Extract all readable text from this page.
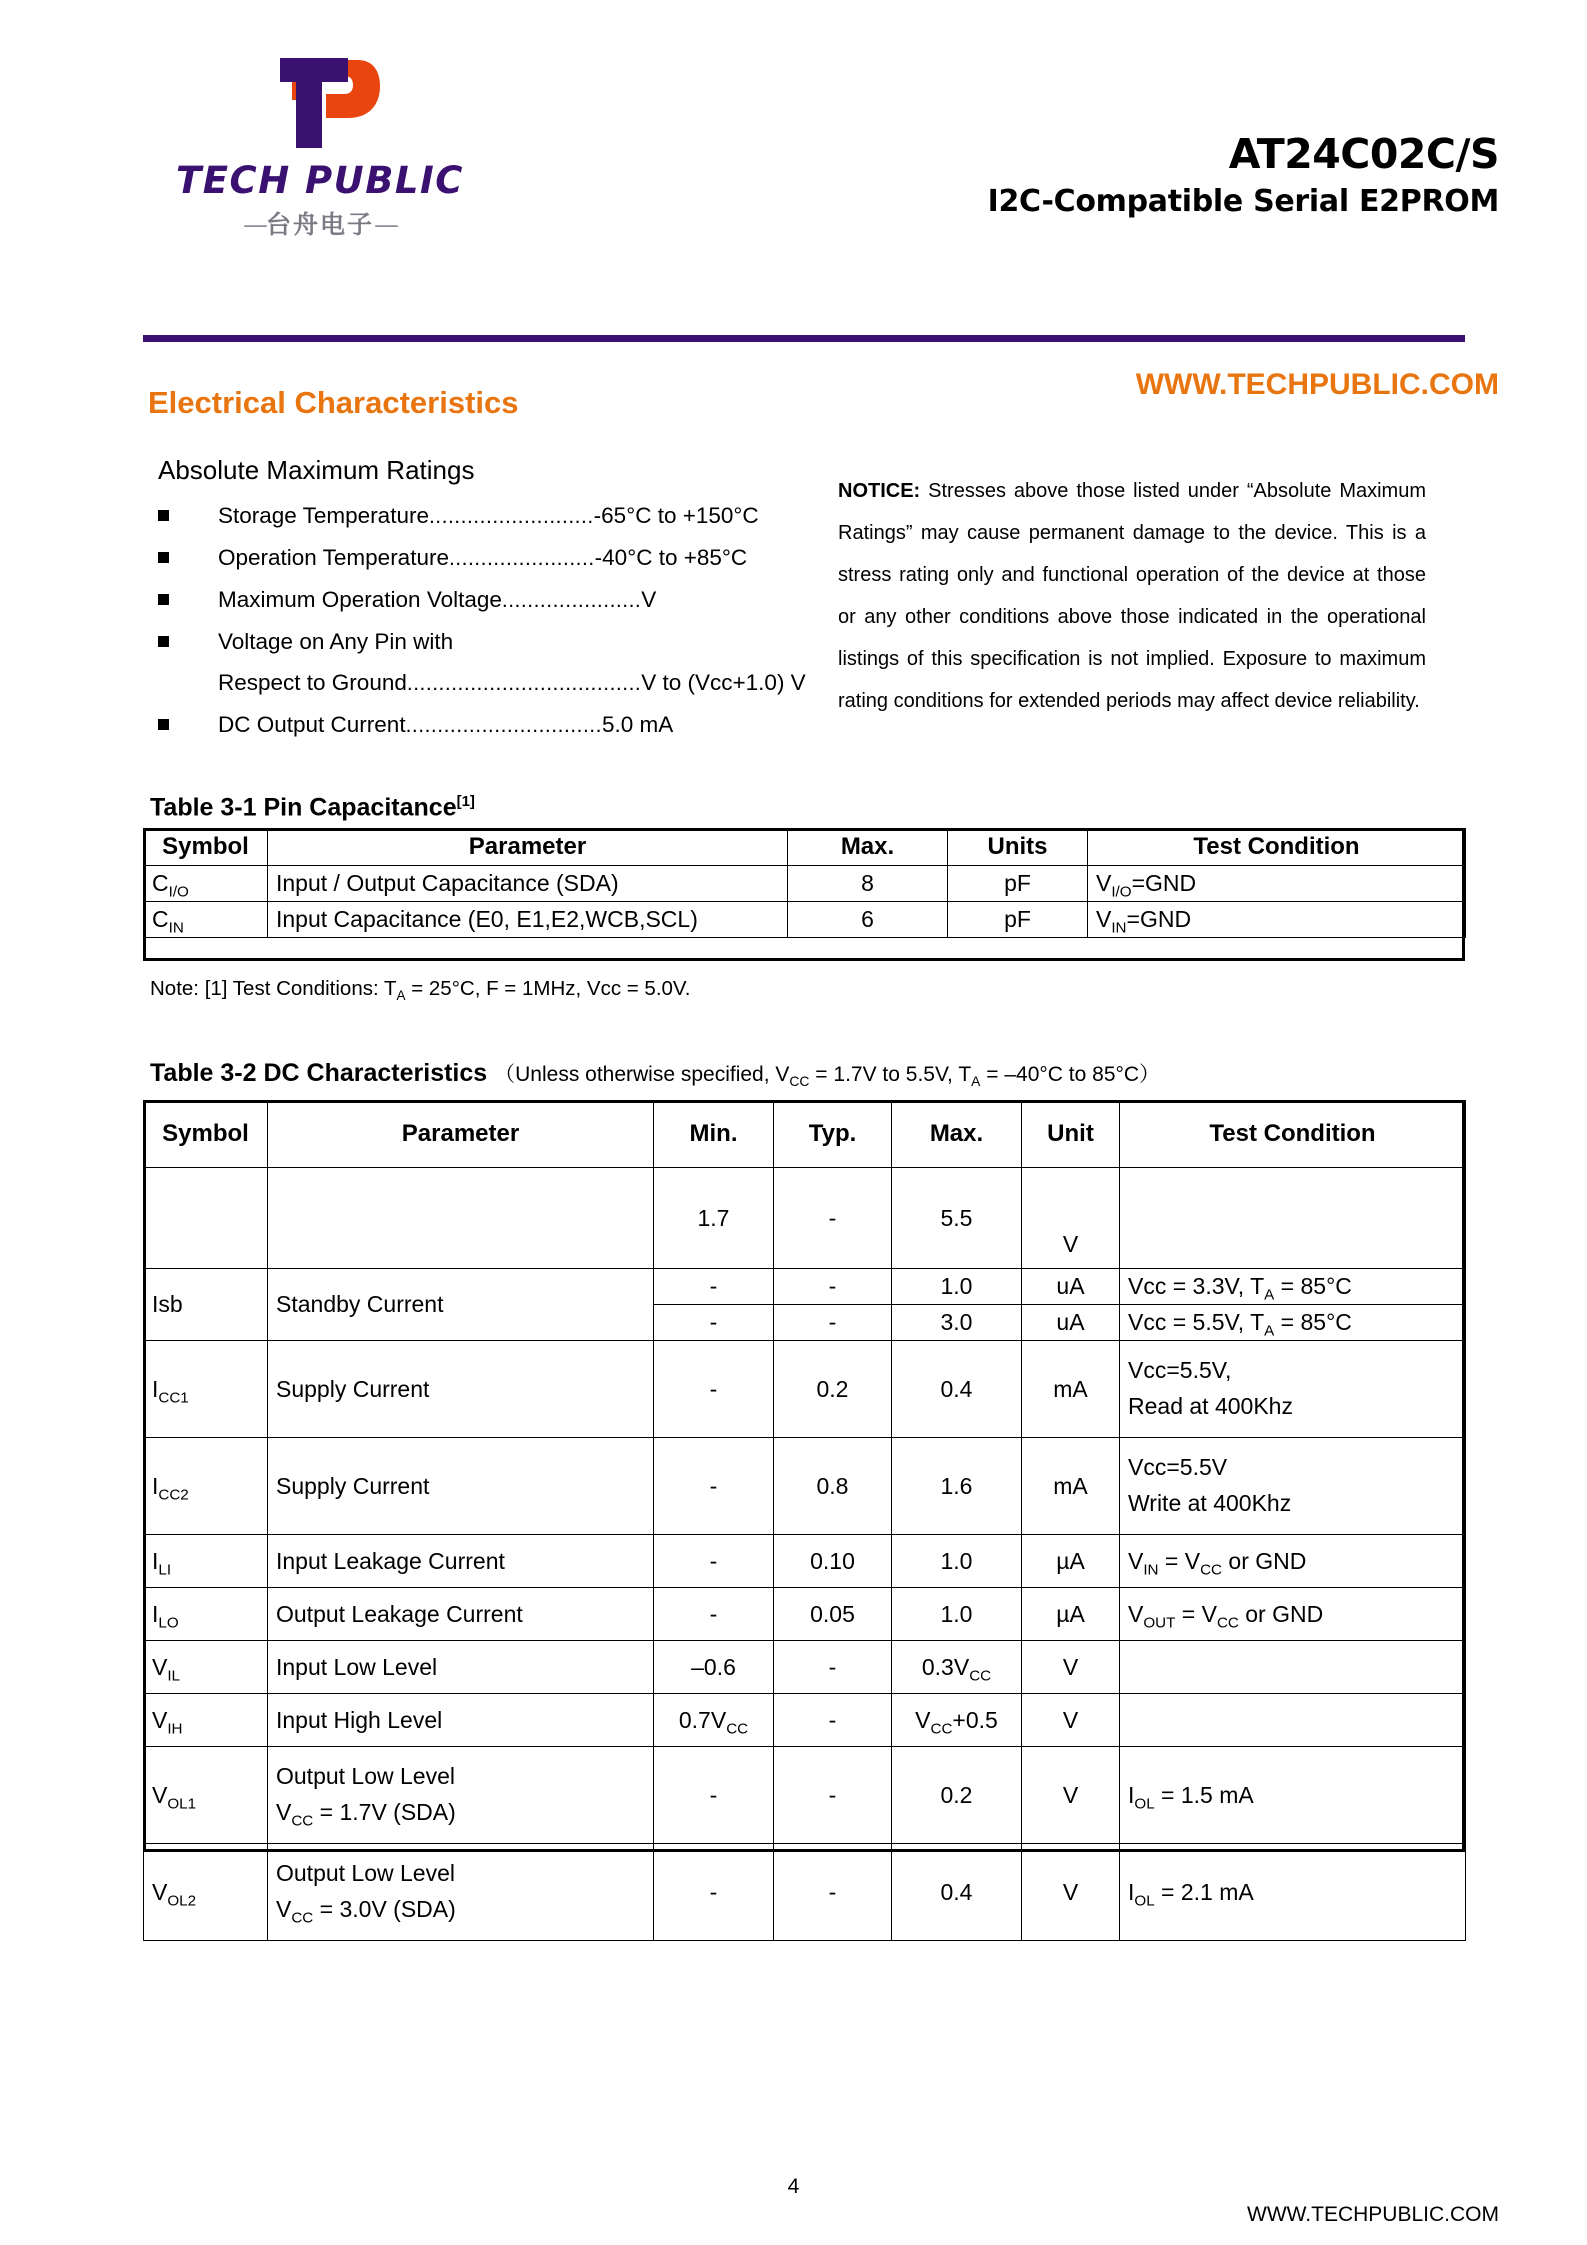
TECH PUBLIC
—台舟电子—
AT24C02C/S
I2C-Compatible Serial E2PROM
Electrical Characteristics
WWW.TECHPUBLIC.COM
Absolute Maximum Ratings
Storage Temperature..........................-65°C to +150°C
Operation Temperature.......................-40°C to +85°C
Maximum Operation Voltage......................V
Voltage on Any Pin with
Respect to Ground.....................................V to (Vcc+1.0) V
DC Output Current...............................5.0 mA
NOTICE: Stresses above those listed under “Absolute Maximum Ratings” may cause permanent damage to the device. This is a stress rating only and functional operation of the device at those or any other conditions above those indicated in the operational listings of this specification is not implied. Exposure to maximum rating conditions for extended periods may affect device reliability.
Table 3-1 Pin Capacitance[1]
Symbol	Parameter	Max.	Units	Test Condition
$C_{I/O}$	Input / Output Capacitance (SDA)	8	pF	$V_{I/O}=GND$
$C_{IN}$	Input Capacitance (E0, E1,E2,WCB,SCL)	6	pF	$V_{IN}=GND$
Note: [1] Test Conditions: $T_A = 25^\circ C$, F = 1MHz, Vcc = 5.0V.
Table 3-2 DC Characteristics （Unless otherwise specified, $V_{CC} = 1.7V$ to 5.5V, $T_A = -40^\circ C$ to 85°C）
Symbol	Parameter	Min.	Typ.	Max.	Unit	Test Condition
		1.7	-	5.5	V	
Isb	Standby Current	-	-	1.0	uA	Vcc = 3.3V, $T_A = 85^\circ C$
		-	-	3.0	uA	Vcc = 5.5V, $T_A = 85^\circ C$
$I_{CC1}$	Supply Current	-	0.2	0.4	mA	Vcc=5.5V,
Read at 400Khz
$I_{CC2}$	Supply Current	-	0.8	1.6	mA	Vcc=5.5V
Write at 400Khz
$I_{LI}$	Input Leakage Current	-	0.10	1.0	µA	$V_{IN} = V_{CC}$ or GND
$I_{LO}$	Output Leakage Current	-	0.05	1.0	µA	$V_{OUT} = V_{CC}$ or GND
$V_{IL}$	Input Low Level	–0.6	-	$0.3V_{CC}$	V	
$V_{IH}$	Input High Level	$0.7V_{CC}$	-	$V_{CC}+0.5$	V	
$V_{OL1}$	Output Low Level
$V_{CC} = 1.7V$ (SDA)	-	-	0.2	V	$I_{OL} = 1.5$ mA
$V_{OL2}$	Output Low Level
$V_{CC} = 3.0V$ (SDA)	-	-	0.4	V	$I_{OL} = 2.1$ mA
4
WWW.TECHPUBLIC.COM
